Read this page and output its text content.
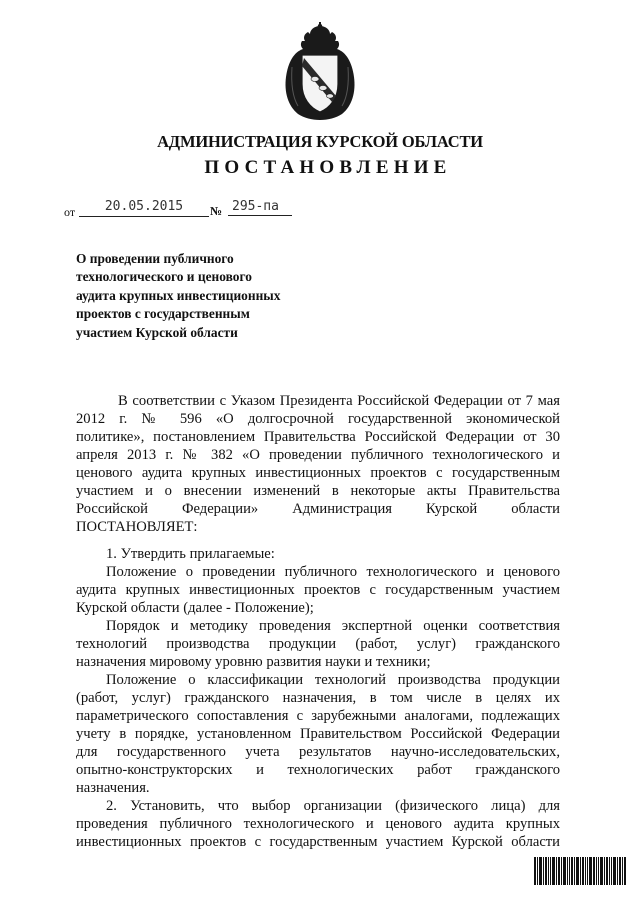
АДМИНИСТРАЦИЯ КУРСКОЙ ОБЛАСТИ
ПОСТАНОВЛЕНИЕ
от	20.05.2015	№ 295-па
О проведении публичного
технологического и ценового
аудита крупных инвестиционных
проектов с государственным
участием Курской области
В соответствии с Указом Президента Российской Федерации от 7 мая
2012 г. № 596 «О долгосрочной государственной экономической
политике», постановлением Правительства Российской Федерации от 30
апреля 2013 г. № 382 «О проведении публичного технологического и
ценового аудита крупных инвестиционных проектов с государственным
участием и о внесении изменений в некоторые акты Правительства
Российской Федерации» Администрация Курской области
ПОСТАНОВЛЯЕТ:
1. Утвердить прилагаемые:
Положение о проведении публичного технологического и ценового
аудита крупных инвестиционных проектов с государственным участием
Курской области (далее - Положение);
Порядок и методику проведения экспертной оценки соответствия
технологий производства продукции (работ, услуг) гражданского
назначения мировому уровню развития науки и техники;
Положение о классификации технологий производства продукции
(работ, услуг) гражданского назначения, в том числе в целях их
параметрического сопоставления с зарубежными аналогами, подлежащих
учету в порядке, установленном Правительством Российской Федерации
для государственного учета результатов научно-исследовательских,
опытно-конструкторских и технологических работ гражданского
назначения.
2. Установить, что выбор организации (физического лица) для
проведения публичного технологического и ценового аудита крупных
инвестиционных проектов с государственным участием Курской области
